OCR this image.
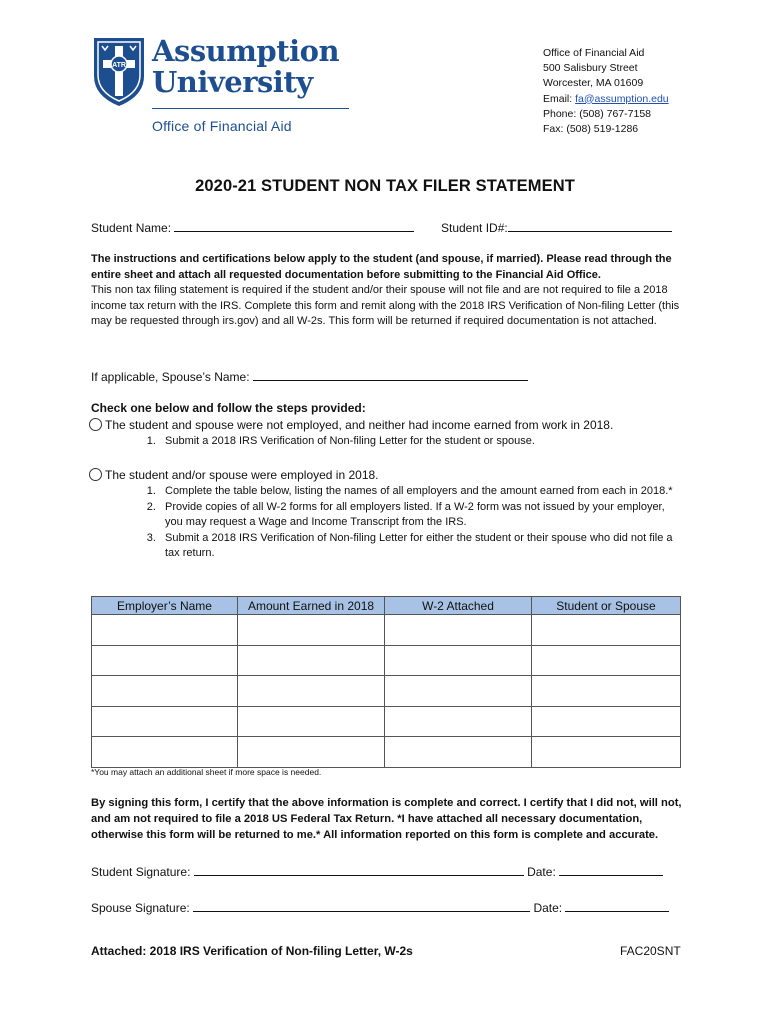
ATR Assumption
University
Office of Financial Aid
Office of Financial Aid
500 Salisbury Street
Worcester, MA 01609
Email: fa@assumption.edu
Phone: (508) 767-7158
Fax: (508) 519-1286
2020-21 STUDENT NON TAX FILER STATEMENT
Student Name:	Student ID#:
The instructions and certifications below apply to the student (and spouse, if married). Please read through the entire sheet and attach all requested documentation before submitting to the Financial Aid Office.
This non tax filing statement is required if the student and/or their spouse will not file and are not required to file a 2018 income tax return with the IRS. Complete this form and remit along with the 2018 IRS Verification of Non-filing Letter (this may be requested through irs.gov) and all W-2s. This form will be returned if required documentation is not attached.
If applicable, Spouse’s Name:
Check one below and follow the steps provided:
The student and spouse were not employed, and neither had income earned from work in 2018.
1. Submit a 2018 IRS Verification of Non-filing Letter for the student or spouse.
The student and/or spouse were employed in 2018.
1. Complete the table below, listing the names of all employers and the amount earned from each in 2018.*
2. Provide copies of all W-2 forms for all employers listed. If a W-2 form was not issued by your employer, you may request a Wage and Income Transcript from the IRS.
3. Submit a 2018 IRS Verification of Non-filing Letter for either the student or their spouse who did not file a tax return.
Employer’s Name	Amount Earned in 2018	W-2 Attached	Student or Spouse

*You may attach an additional sheet if more space is needed.
By signing this form, I certify that the above information is complete and correct. I certify that I did not, will not, and am not required to file a 2018 US Federal Tax Return. *I have attached all necessary documentation, otherwise this form will be returned to me.* All information reported on this form is complete and accurate.
Student Signature:	Date:
Spouse Signature:	Date:
Attached: 2018 IRS Verification of Non-filing Letter, W-2s	FAC20SNT
